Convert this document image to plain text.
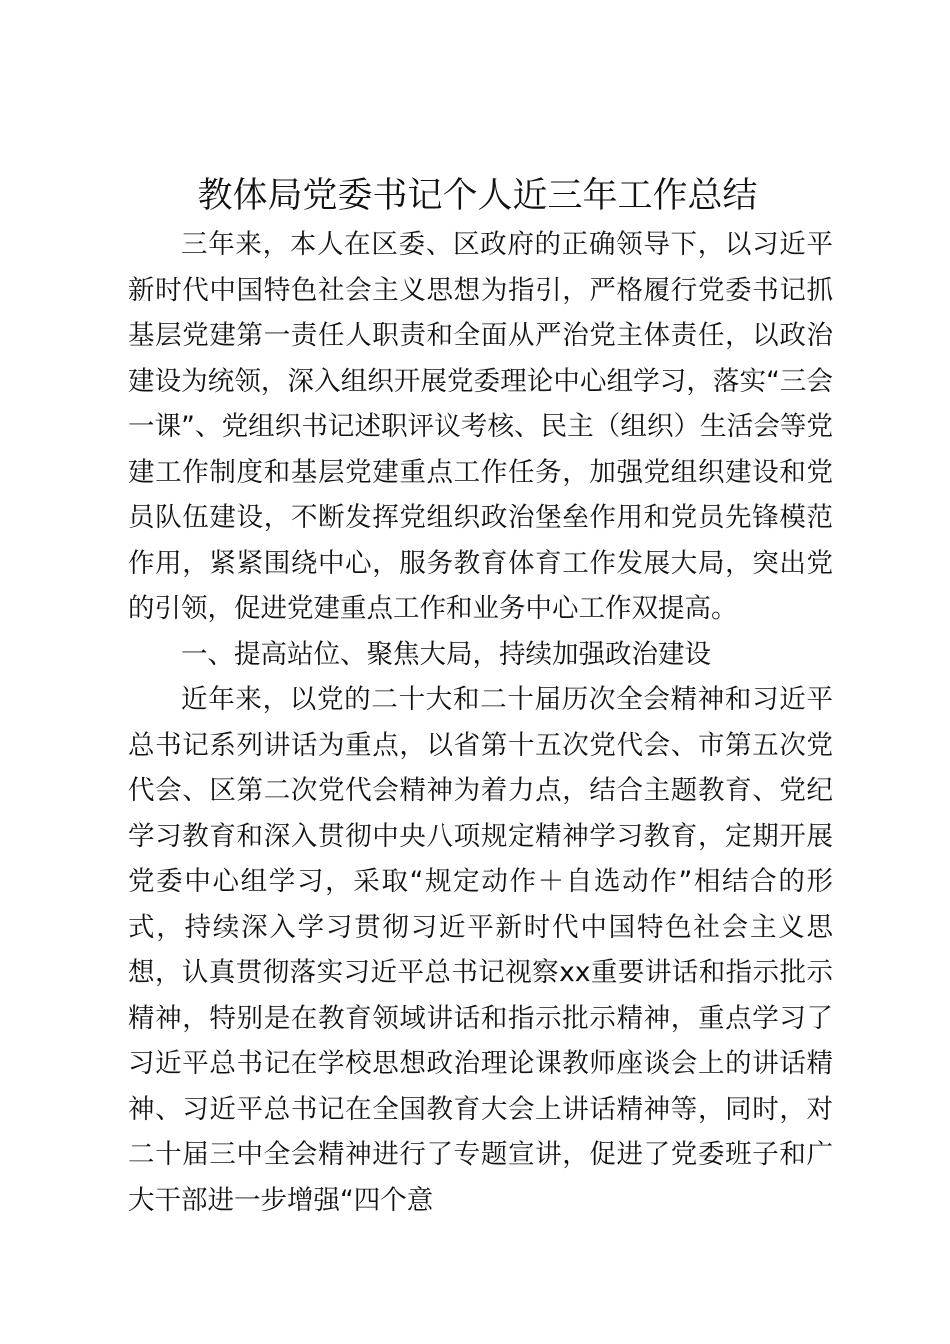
教体局党委书记个人近三年工作总结

三年来，本人在区委、区政府的正确领导下，以习近平新时代中国特色社会主义思想为指引，严格履行党委书记抓基层党建第一责任人职责和全面从严治党主体责任，以政治建设为统领，深入组织开展党委理论中心组学习，落实“三会一课”、党组织书记述职评议考核、民主（组织）生活会等党建工作制度和基层党建重点工作任务，加强党组织建设和党员队伍建设，不断发挥党组织政治堡垒作用和党员先锋模范作用，紧紧围绕中心，服务教育体育工作发展大局，突出党的引领，促进党建重点工作和业务中心工作双提高。

一、提高站位、聚焦大局，持续加强政治建设

近年来，以党的二十大和二十届历次全会精神和习近平总书记系列讲话为重点，以省第十五次党代会、市第五次党代会、区第二次党代会精神为着力点，结合主题教育、党纪学习教育和深入贯彻中央八项规定精神学习教育，定期开展党委中心组学习，采取“规定动作＋自选动作”相结合的形式，持续深入学习贯彻习近平新时代中国特色社会主义思想，认真贯彻落实习近平总书记视察xx重要讲话和指示批示精神，特别是在教育领域讲话和指示批示精神，重点学习了习近平总书记在学校思想政治理论课教师座谈会上的讲话精神、习近平总书记在全国教育大会上讲话精神等，同时，对二十届三中全会精神进行了专题宣讲，促进了党委班子和广大干部进一步增强“四个意
